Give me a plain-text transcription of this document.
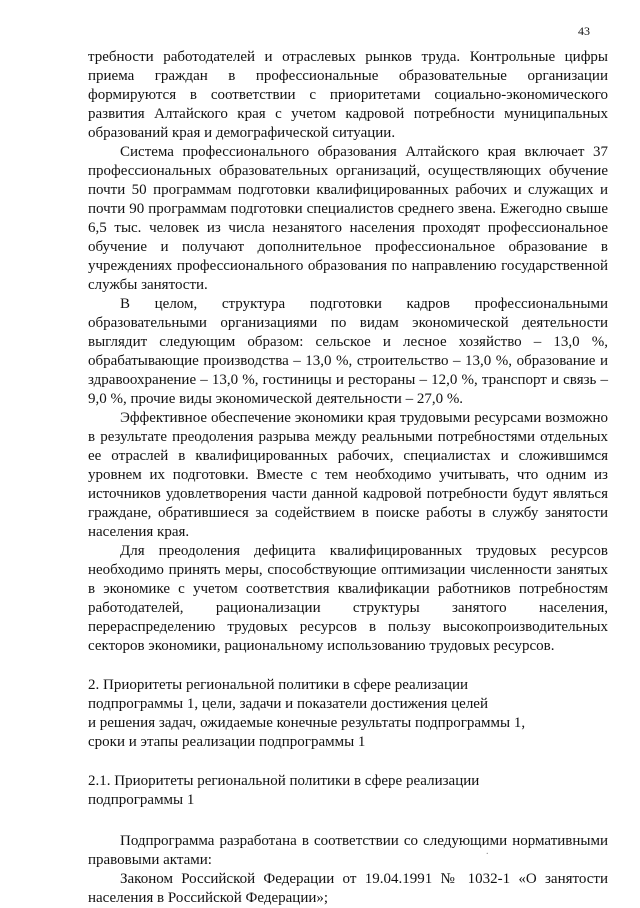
43

требности работодателей и отраслевых рынков труда. Контрольные цифры приема граждан в профессиональные образовательные организации формируются в соответствии с приоритетами социально-экономического развития Алтайского края с учетом кадровой потребности муниципальных образований края и демографической ситуации.

Система профессионального образования Алтайского края включает 37 профессиональных образовательных организаций, осуществляющих обучение почти 50 программам подготовки квалифицированных рабочих и служащих и почти 90 программам подготовки специалистов среднего звена. Ежегодно свыше 6,5 тыс. человек из числа незанятого населения проходят профессиональное обучение и получают дополнительное профессиональное образование в учреждениях профессионального образования по направлению государственной службы занятости.

В целом, структура подготовки кадров профессиональными образовательными организациями по видам экономической деятельности выглядит следующим образом: сельское и лесное хозяйство – 13,0 %, обрабатывающие производства – 13,0 %, строительство – 13,0 %, образование и здравоохранение – 13,0 %, гостиницы и рестораны – 12,0 %, транспорт и связь – 9,0 %, прочие виды экономической деятельности – 27,0 %.

Эффективное обеспечение экономики края трудовыми ресурсами возможно в результате преодоления разрыва между реальными потребностями отдельных ее отраслей в квалифицированных рабочих, специалистах и сложившимся уровнем их подготовки. Вместе с тем необходимо учитывать, что одним из источников удовлетворения части данной кадровой потребности будут являться граждане, обратившиеся за содействием в поиске работы в службу занятости населения края.

Для преодоления дефицита квалифицированных трудовых ресурсов необходимо принять меры, способствующие оптимизации численности занятых в экономике с учетом соответствия квалификации работников потребностям работодателей, рационализации структуры занятого населения, перераспределению трудовых ресурсов в пользу высокопроизводительных секторов экономики, рациональному использованию трудовых ресурсов.

2. Приоритеты региональной политики в сфере реализации

подпрограммы 1, цели, задачи и показатели достижения целей

и решения задач, ожидаемые конечные результаты подпрограммы 1,

сроки и этапы реализации подпрограммы 1

2.1. Приоритеты региональной политики в сфере реализации

подпрограммы 1

Подпрограмма разработана в соответствии со следующими нормативными правовыми актами:

Законом Российской Федерации от 19.04.1991 № 1032-1 «О занятости населения в Российской Федерации»;

.
